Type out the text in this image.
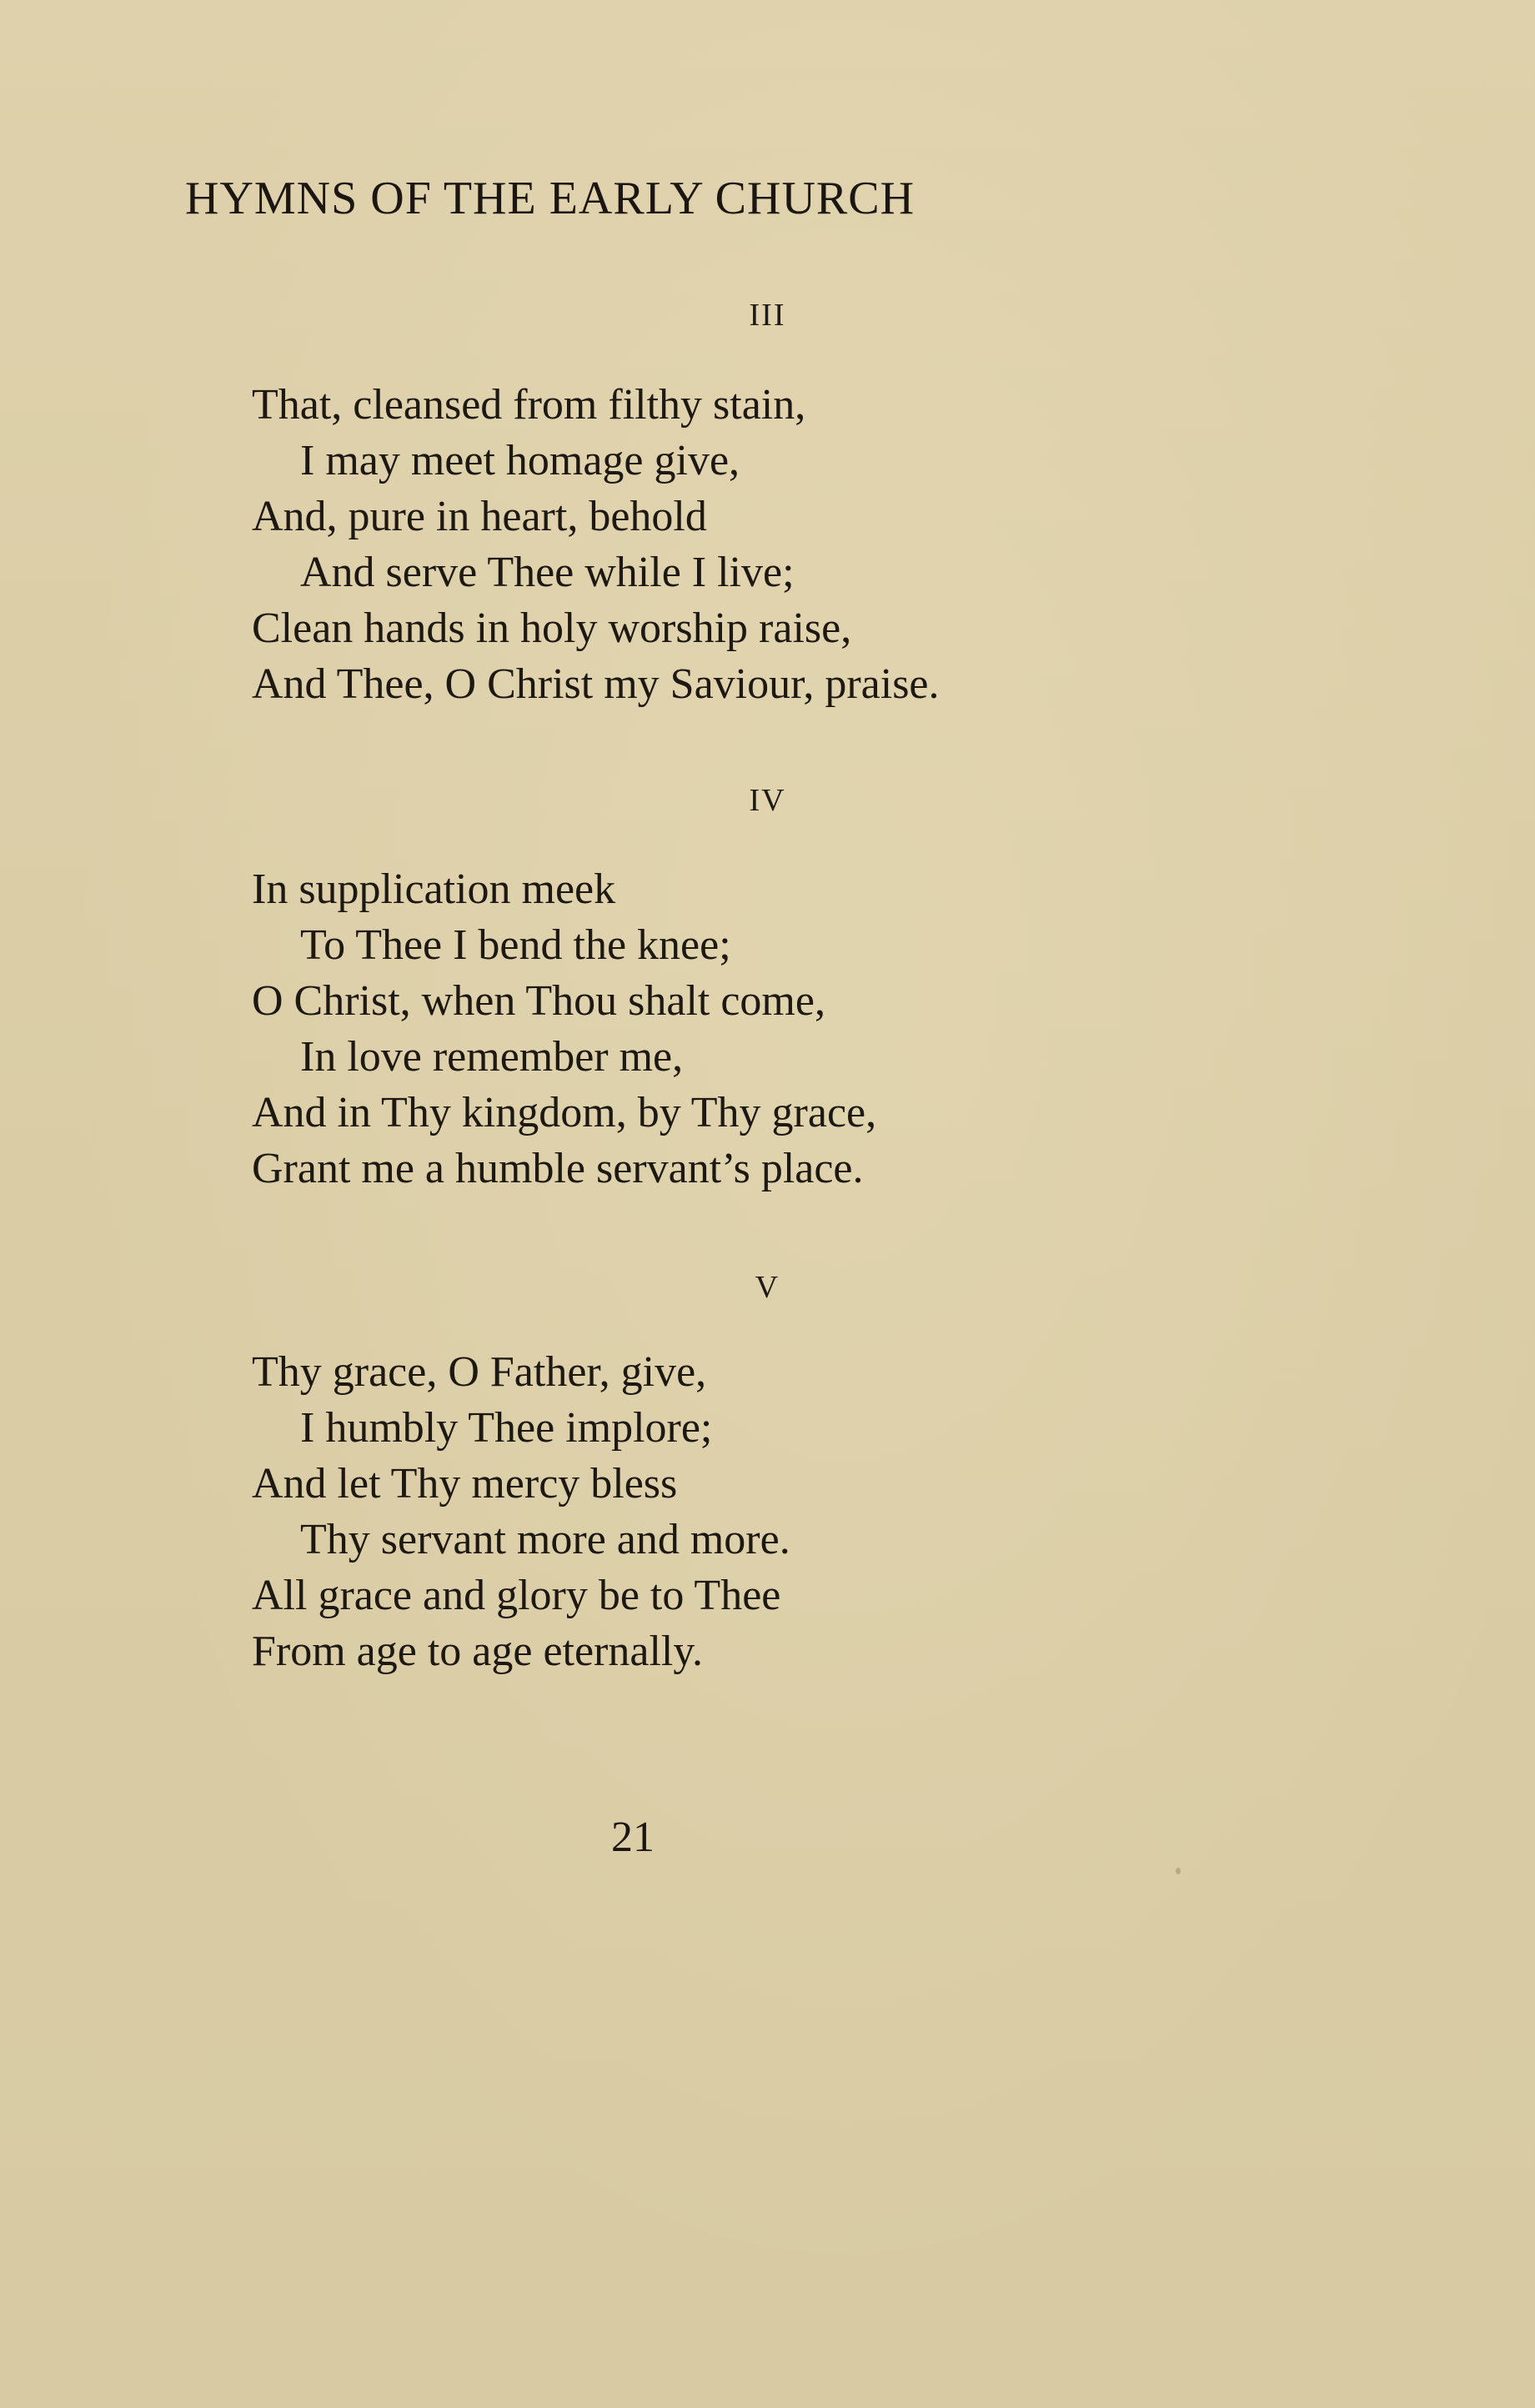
HYMNS OF THE EARLY CHURCH
III
That, cleansed from filthy stain,
I may meet homage give,
And, pure in heart, behold
And serve Thee while I live;
Clean hands in holy worship raise,
And Thee, O Christ my Saviour, praise.
IV
In supplication meek
To Thee I bend the knee;
O Christ, when Thou shalt come,
In love remember me,
And in Thy kingdom, by Thy grace,
Grant me a humble servant’s place.
V
Thy grace, O Father, give,
I humbly Thee implore;
And let Thy mercy bless
Thy servant more and more.
All grace and glory be to Thee
From age to age eternally.
21
